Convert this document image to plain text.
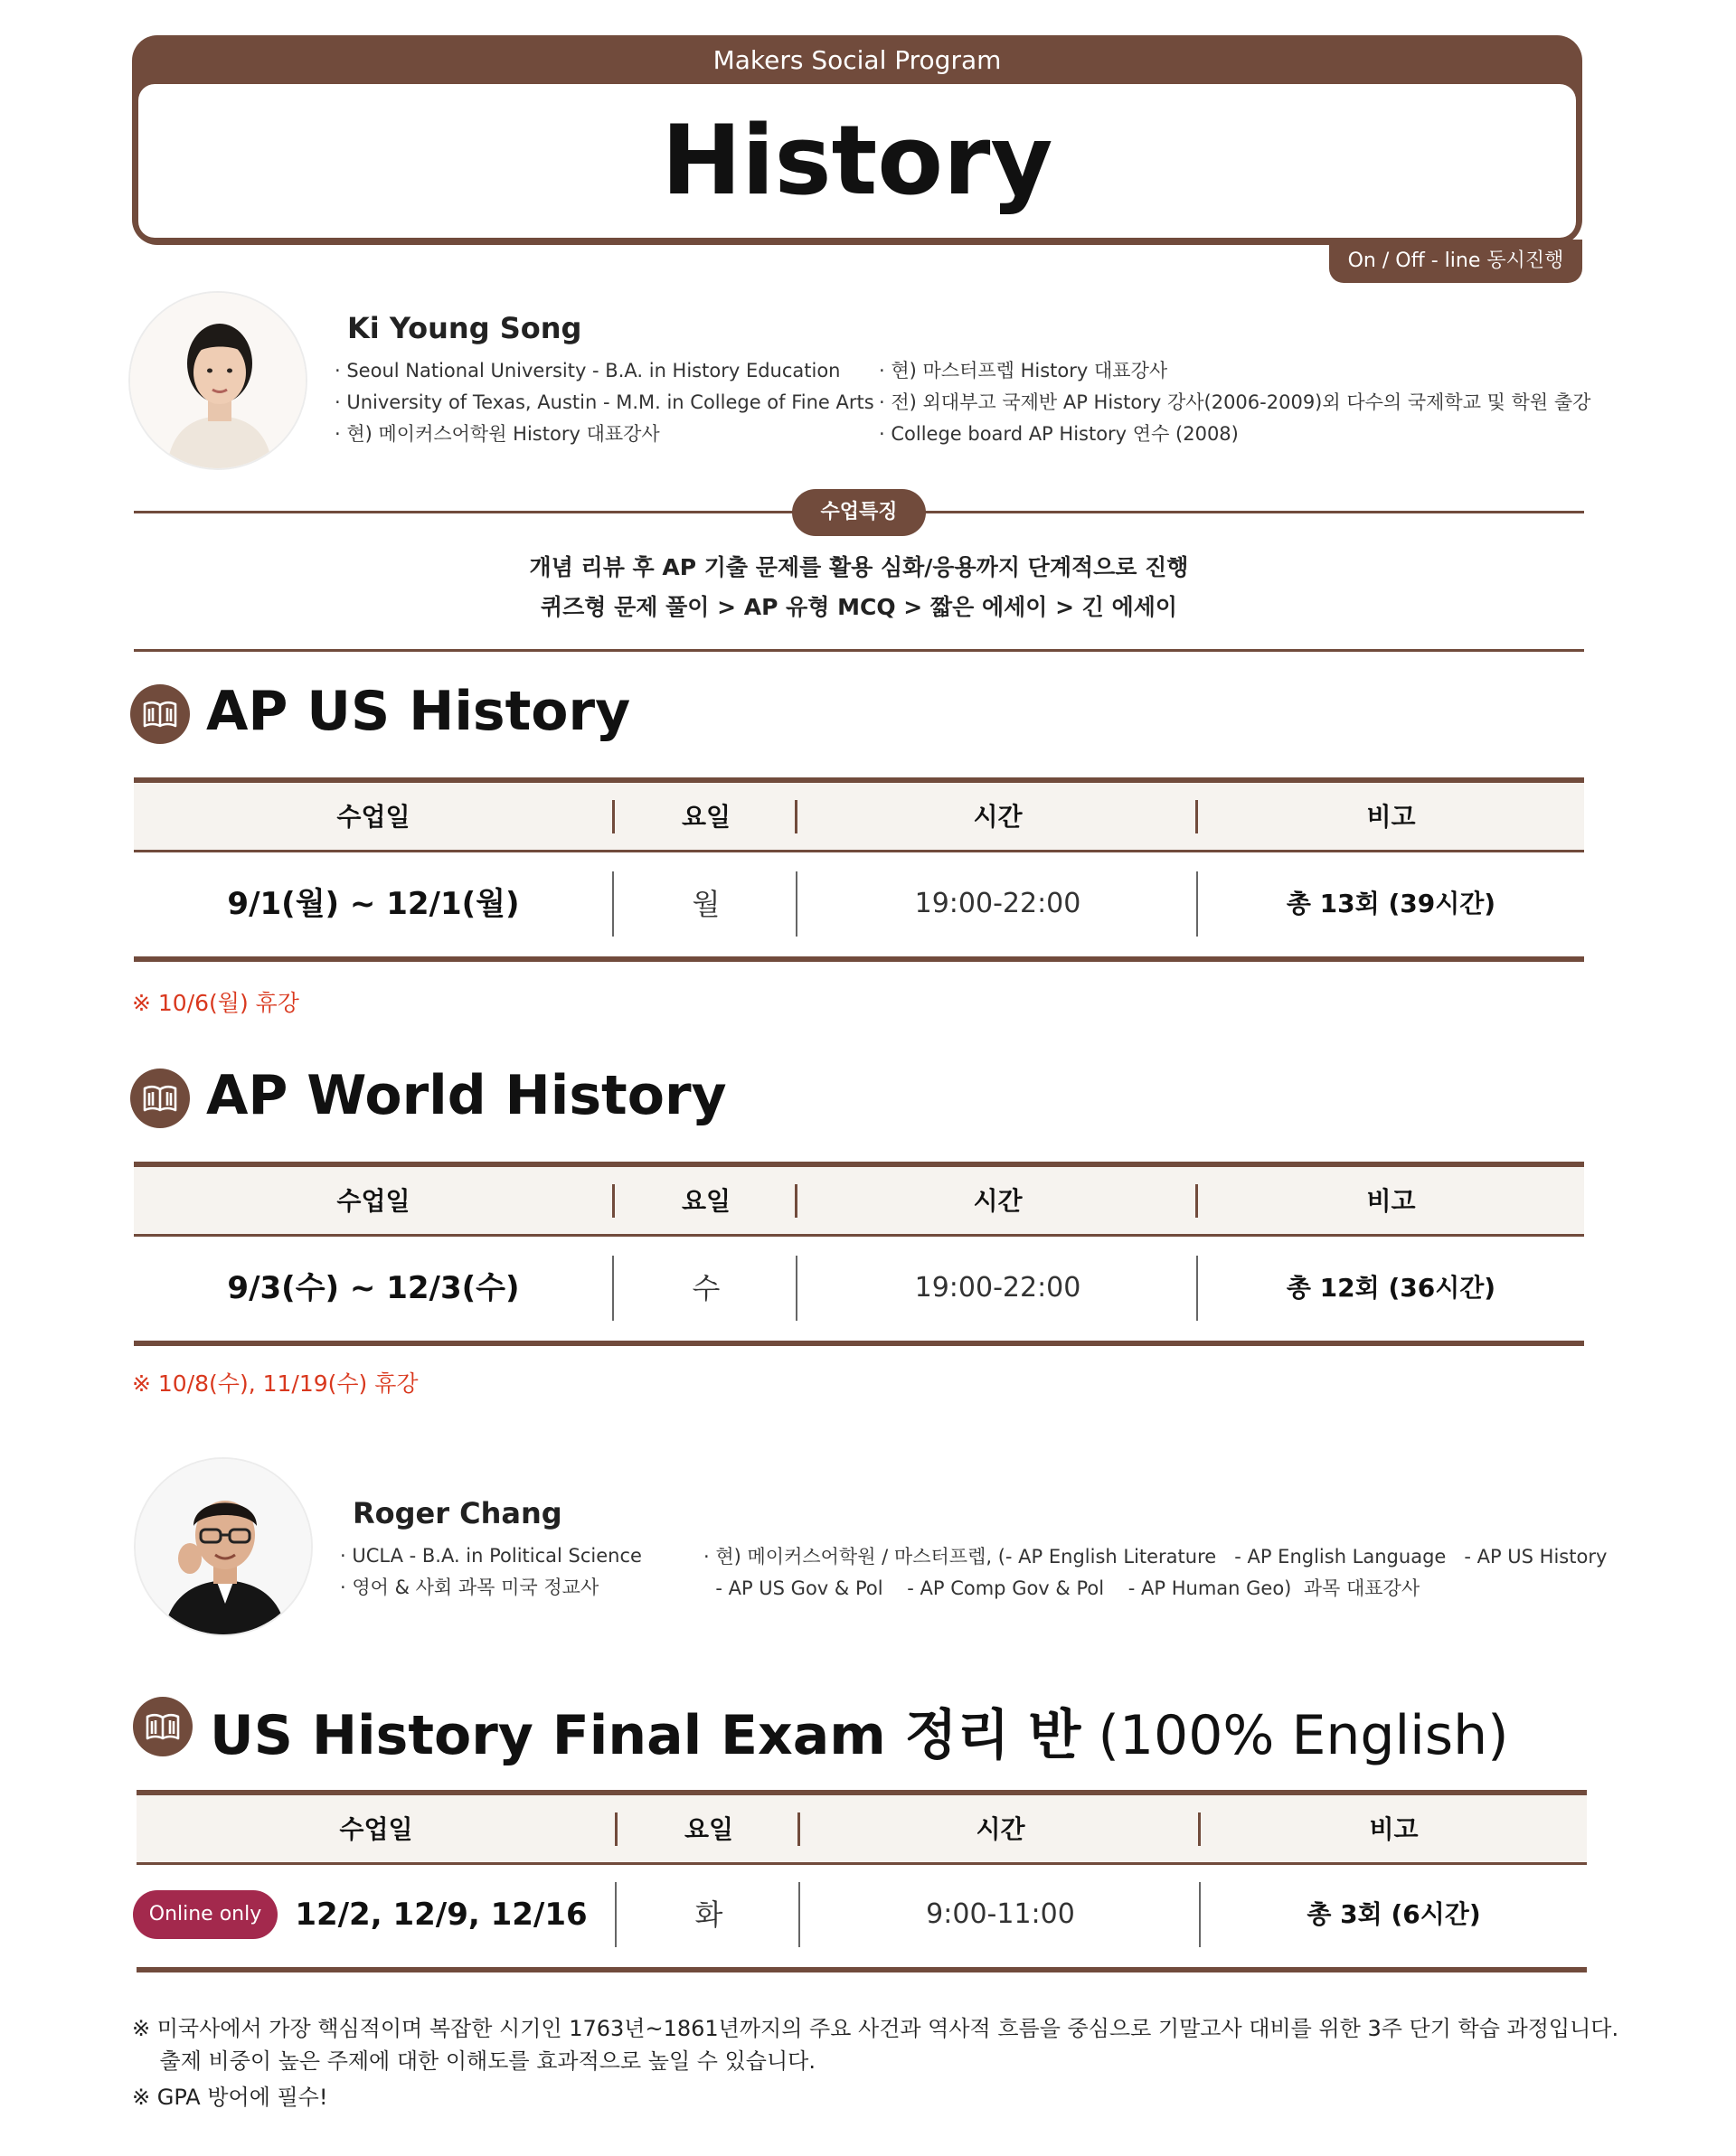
Makers Social Program
History
On / Off - line 동시진행
Ki Young Song
· Seoul National University - B.A. in History Education
· University of Texas, Austin - M.M. in College of Fine Arts
· 현) 메이커스어학원 History 대표강사
· 현) 마스터프렙 History 대표강사
· 전) 외대부고 국제반 AP History 강사(2006-2009)외 다수의 국제학교 및 학원 출강
· College board AP History 연수 (2008)
수업특징
개념 리뷰 후 AP 기출 문제를 활용 심화/응용까지 단계적으로 진행
퀴즈형 문제 풀이 > AP 유형 MCQ > 짧은 에세이 > 긴 에세이
AP US History
수업일	요일	시간	비고
9/1(월) ~ 12/1(월)	월	19:00-22:00	총 13회 (39시간)
※ 10/6(월) 휴강
AP World History
수업일	요일	시간	비고
9/3(수) ~ 12/3(수)	수	19:00-22:00	총 12회 (36시간)
※ 10/8(수), 11/19(수) 휴강
Roger Chang
· UCLA - B.A. in Political Science
· 영어 & 사회 과목 미국 정교사
· 현) 메이커스어학원 / 마스터프렙, (- AP English Literature   - AP English Language   - AP US History
- AP US Gov & Pol    - AP Comp Gov & Pol    - AP Human Geo)  과목 대표강사
US History Final Exam 정리 반 (100% English)
수업일	요일	시간	비고
Online only	12/2, 12/9, 12/16	화	9:00-11:00	총 3회 (6시간)
※ 미국사에서 가장 핵심적이며 복잡한 시기인 1763년~1861년까지의 주요 사건과 역사적 흐름을 중심으로 기말고사 대비를 위한 3주 단기 학습 과정입니다.
출제 비중이 높은 주제에 대한 이해도를 효과적으로 높일 수 있습니다.
※ GPA 방어에 필수!
